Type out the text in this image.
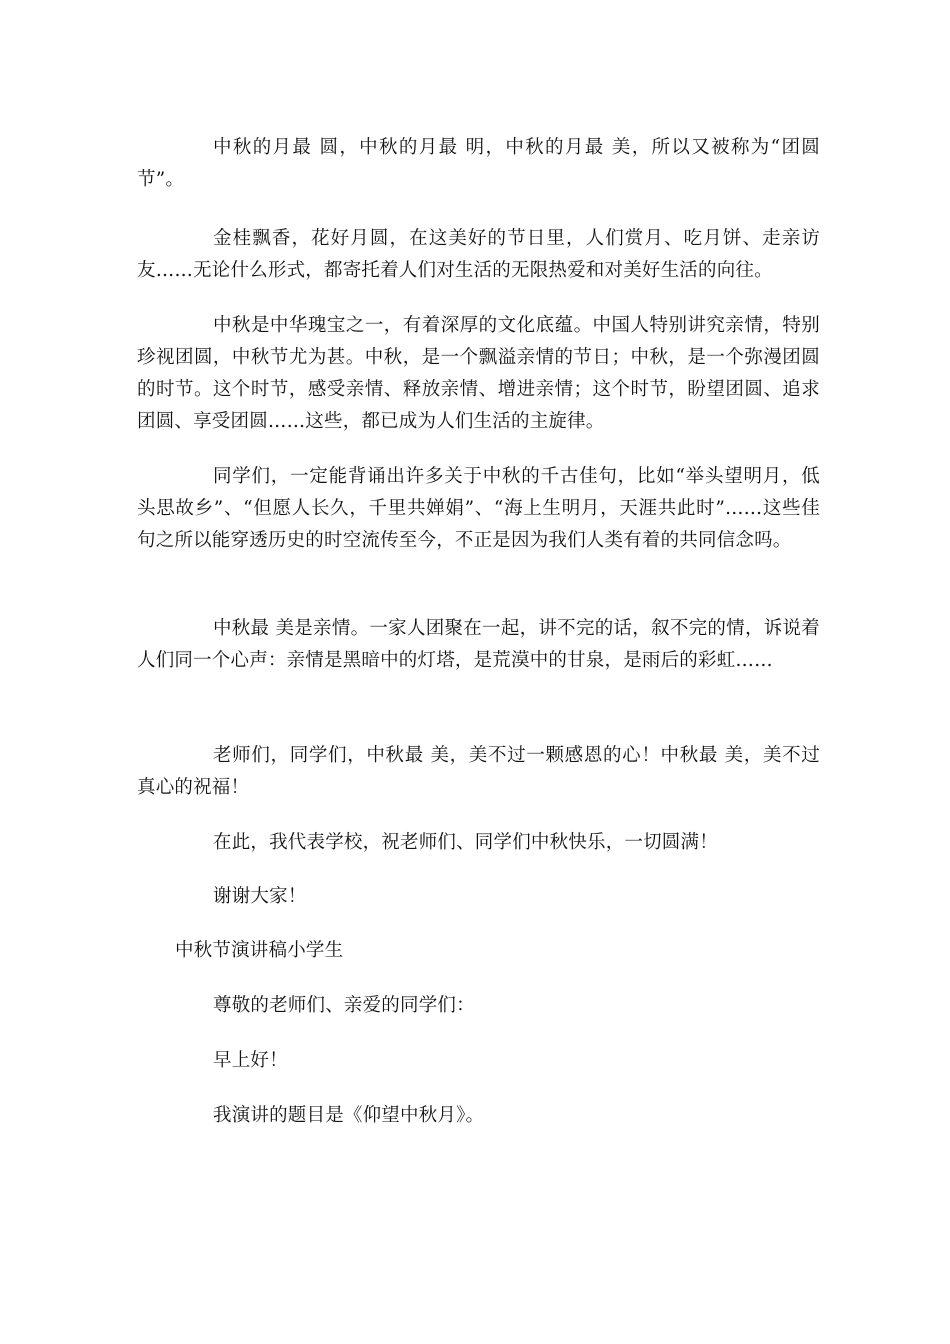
中秋的月最 圆，中秋的月最 明，中秋的月最 美，所以又被称为“团圆节”。

金桂飘香，花好月圆，在这美好的节日里，人们赏月、吃月饼、走亲访友……无论什么形式，都寄托着人们对生活的无限热爱和对美好生活的向往。

中秋是中华瑰宝之一，有着深厚的文化底蕴。中国人特别讲究亲情，特别珍视团圆，中秋节尤为甚。中秋，是一个飘溢亲情的节日；中秋，是一个弥漫团圆的时节。这个时节，感受亲情、释放亲情、增进亲情；这个时节，盼望团圆、追求团圆、享受团圆……这些，都已成为人们生活的主旋律。

同学们，一定能背诵出许多关于中秋的千古佳句，比如“举头望明月，低头思故乡”、“但愿人长久，千里共婵娟”、“海上生明月，天涯共此时”……这些佳句之所以能穿透历史的时空流传至今，不正是因为我们人类有着的共同信念吗。

中秋最 美是亲情。一家人团聚在一起，讲不完的话，叙不完的情，诉说着人们同一个心声：亲情是黑暗中的灯塔，是荒漠中的甘泉，是雨后的彩虹……

老师们，同学们，中秋最 美，美不过一颗感恩的心！中秋最 美，美不过真心的祝福！

在此，我代表学校，祝老师们、同学们中秋快乐，一切圆满！

谢谢大家！

中秋节演讲稿小学生

尊敬的老师们、亲爱的同学们：

早上好！

我演讲的题目是《仰望中秋月》。
